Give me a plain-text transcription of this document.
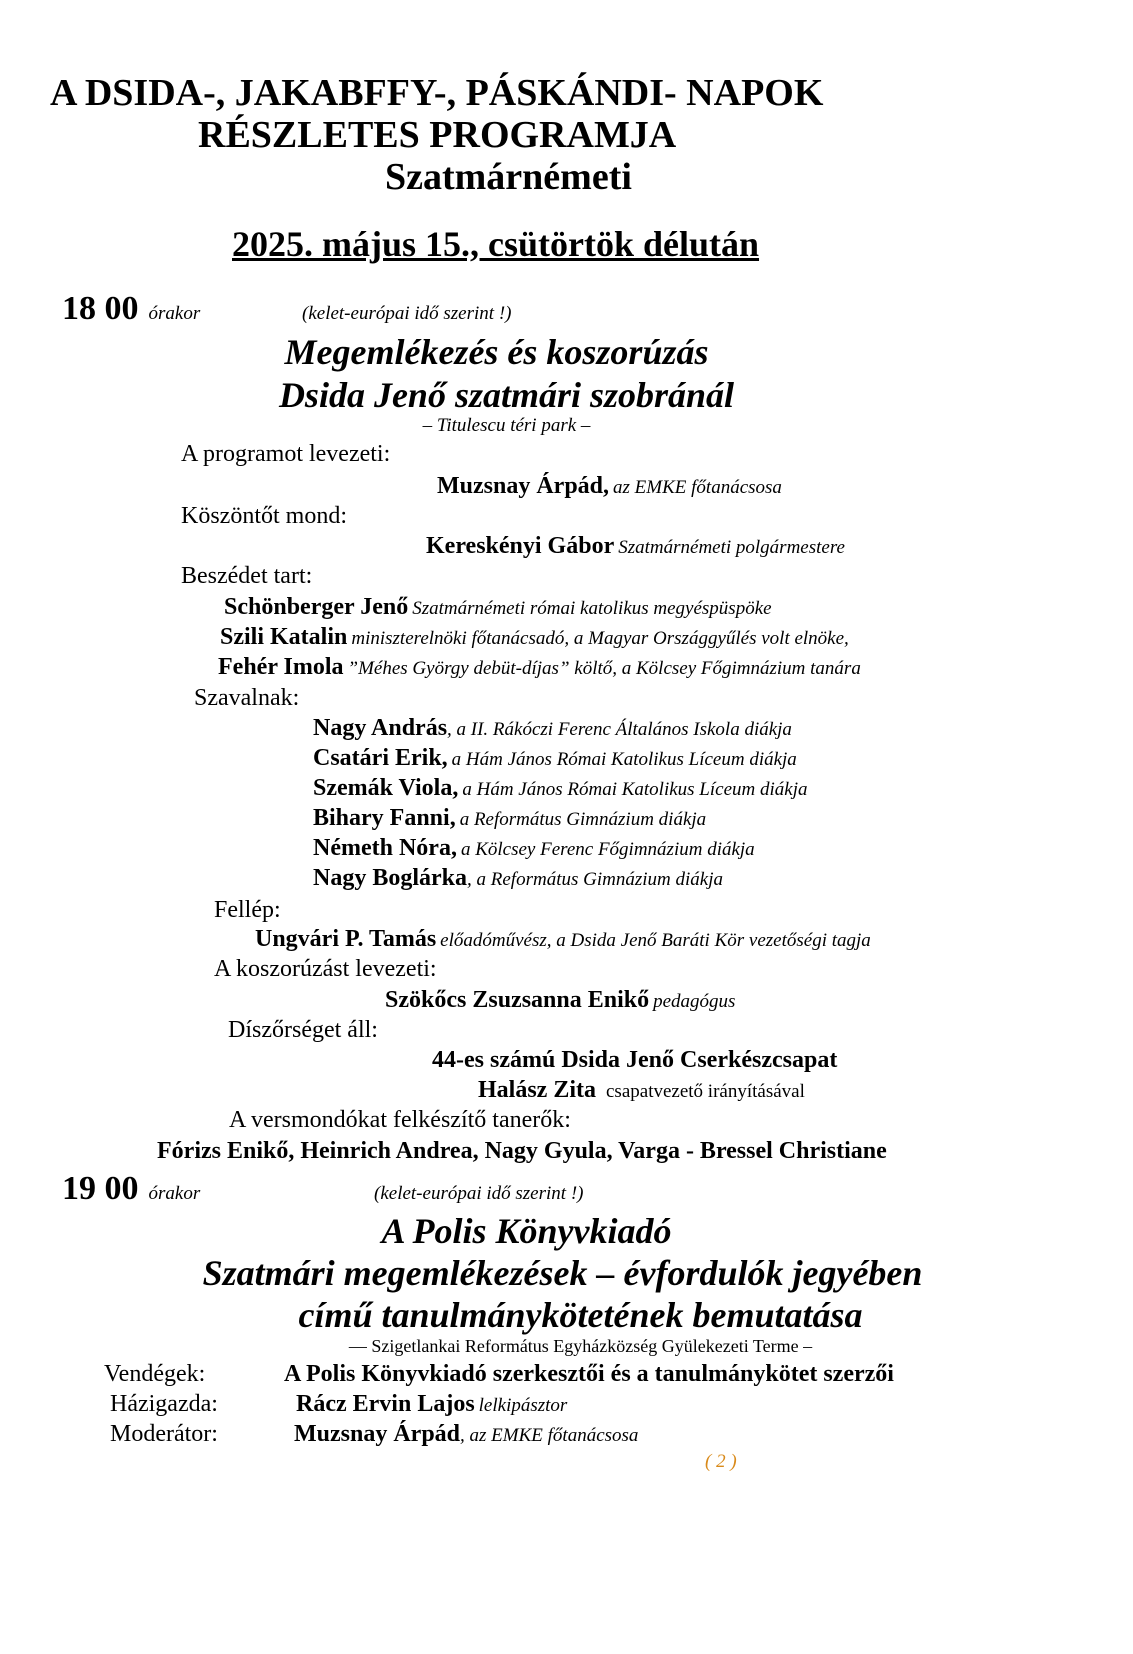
A DSIDA-, JAKABFFY-, PÁSKÁNDI- NAPOK
RÉSZLETES PROGRAMJA
Szatmárnémeti
2025. május 15., csütörtök délután
18 00 órakor	(kelet-európai idő szerint !)
Megemlékezés és koszorúzás
Dsida Jenő szatmári szobránál
– Titulescu téri park –
A programot levezeti:
Muzsnay Árpád, az EMKE főtanácsosa
Köszöntőt mond:
Kereskényi Gábor Szatmárnémeti polgármestere
Beszédet tart:
Schönberger Jenő Szatmárnémeti római katolikus megyéspüspöke
Szili Katalin miniszterelnöki főtanácsadó, a Magyar Országgyűlés volt elnöke,
Fehér Imola ”Méhes György debüt-díjas” költő, a Kölcsey Főgimnázium tanára
Szavalnak:
Nagy András, a II. Rákóczi Ferenc Általános Iskola diákja
Csatári Erik, a Hám János Római Katolikus Líceum diákja
Szemák Viola, a Hám János Római Katolikus Líceum diákja
Bihary Fanni, a Református Gimnázium diákja
Németh Nóra, a Kölcsey Ferenc Főgimnázium diákja
Nagy Boglárka, a Református Gimnázium diákja
Fellép:
Ungvári P. Tamás előadóművész, a Dsida Jenő Baráti Kör vezetőségi tagja
A koszorúzást levezeti:
Szökőcs Zsuzsanna Enikő pedagógus
Díszőrséget áll:
44-es számú Dsida Jenő Cserkészcsapat
Halász Zita csapatvezető irányításával
A versmondókat felkészítő tanerők:
Fórizs Enikő, Heinrich Andrea, Nagy Gyula, Varga - Bressel Christiane
19 00 órakor	(kelet-európai idő szerint !)
A Polis Könyvkiadó
Szatmári megemlékezések – évfordulók jegyében
című tanulmánykötetének bemutatása
— Szigetlankai Református Egyházközség Gyülekezeti Terme –
Vendégek:	A Polis Könyvkiadó szerkesztői és a tanulmánykötet szerzői
Házigazda:	Rácz Ervin Lajos lelkipásztor
Moderátor:	Muzsnay Árpád, az EMKE főtanácsosa
( 2 )
